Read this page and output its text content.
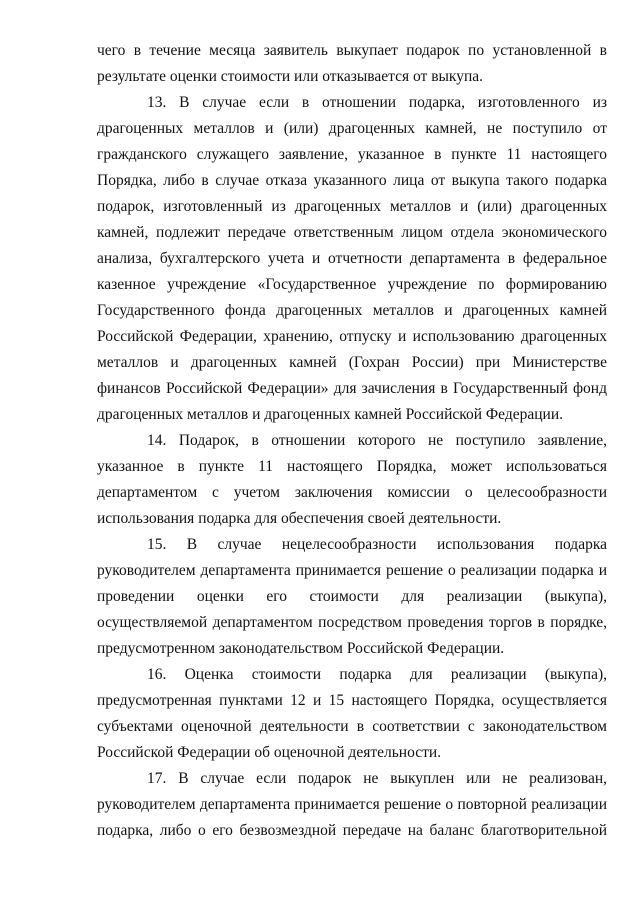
чего в течение месяца заявитель выкупает подарок по установленной в результате оценки стоимости или отказывается от выкупа.

13. В случае если в отношении подарка, изготовленного из драгоценных металлов и (или) драгоценных камней, не поступило от гражданского служащего заявление, указанное в пункте 11 настоящего Порядка, либо в случае отказа указанного лица от выкупа такого подарка подарок, изготовленный из драгоценных металлов и (или) драгоценных камней, подлежит передаче ответственным лицом отдела экономического анализа, бухгалтерского учета и отчетности департамента в федеральное казенное учреждение «Государственное учреждение по формированию Государственного фонда драгоценных металлов и драгоценных камней Российской Федерации, хранению, отпуску и использованию драгоценных металлов и драгоценных камней (Гохран России) при Министерстве финансов Российской Федерации» для зачисления в Государственный фонд драгоценных металлов и драгоценных камней Российской Федерации.

14. Подарок, в отношении которого не поступило заявление, указанное в пункте 11 настоящего Порядка, может использоваться департаментом с учетом заключения комиссии о целесообразности использования подарка для обеспечения своей деятельности.

15. В случае нецелесообразности использования подарка руководителем департамента принимается решение о реализации подарка и проведении оценки его стоимости для реализации (выкупа), осуществляемой департаментом посредством проведения торгов в порядке, предусмотренном законодательством Российской Федерации.

16. Оценка стоимости подарка для реализации (выкупа), предусмотренная пунктами 12 и 15 настоящего Порядка, осуществляется субъектами оценочной деятельности в соответствии с законодательством Российской Федерации об оценочной деятельности.

17. В случае если подарок не выкуплен или не реализован, руководителем департамента принимается решение о повторной реализации подарка, либо о его безвозмездной передаче на баланс благотворительной
